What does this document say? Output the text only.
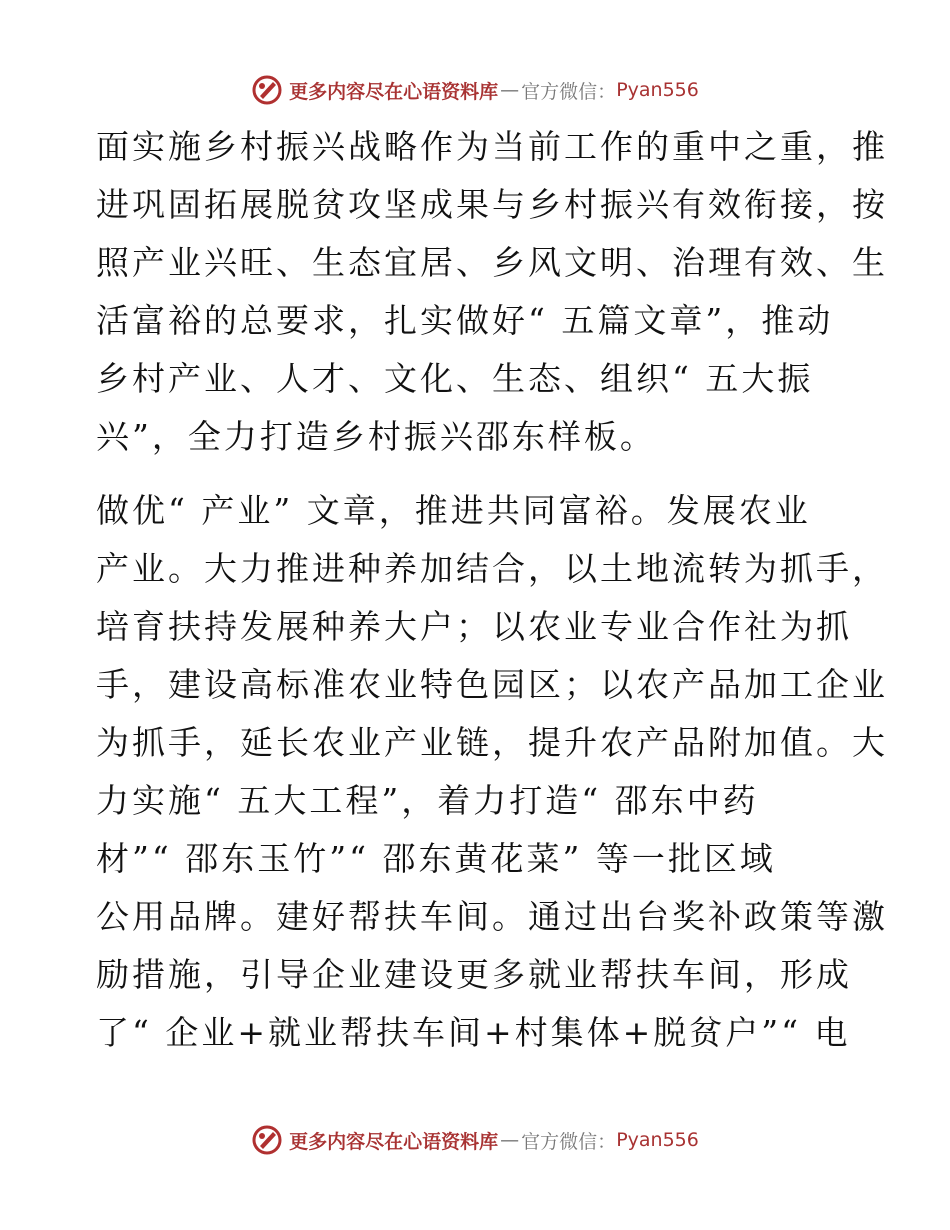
更多内容尽在心语资料库 — 官方微信： Pyan556
面实施乡村振兴战略作为当前工作的重中之重，推
进巩固拓展脱贫攻坚成果与乡村振兴有效衔接，按
照产业兴旺、生态宜居、乡风文明、治理有效、生
活富裕的总要求，扎实做好“ 五篇文章”，推动
乡村产业、人才、文化、生态、组织“ 五大振
兴”，全力打造乡村振兴邵东样板。
做优“ 产业” 文章，推进共同富裕。发展农业
产业。大力推进种养加结合，以土地流转为抓手，
培育扶持发展种养大户；以农业专业合作社为抓
手，建设高标准农业特色园区；以农产品加工企业
为抓手，延长农业产业链，提升农产品附加值。大
力实施“ 五大工程”，着力打造“ 邵东中药
材”“ 邵东玉竹”“ 邵东黄花菜” 等一批区域
公用品牌。建好帮扶车间。通过出台奖补政策等激
励措施，引导企业建设更多就业帮扶车间，形成
了“ 企业+就业帮扶车间+村集体+脱贫户”“ 电
更多内容尽在心语资料库 — 官方微信： Pyan556
